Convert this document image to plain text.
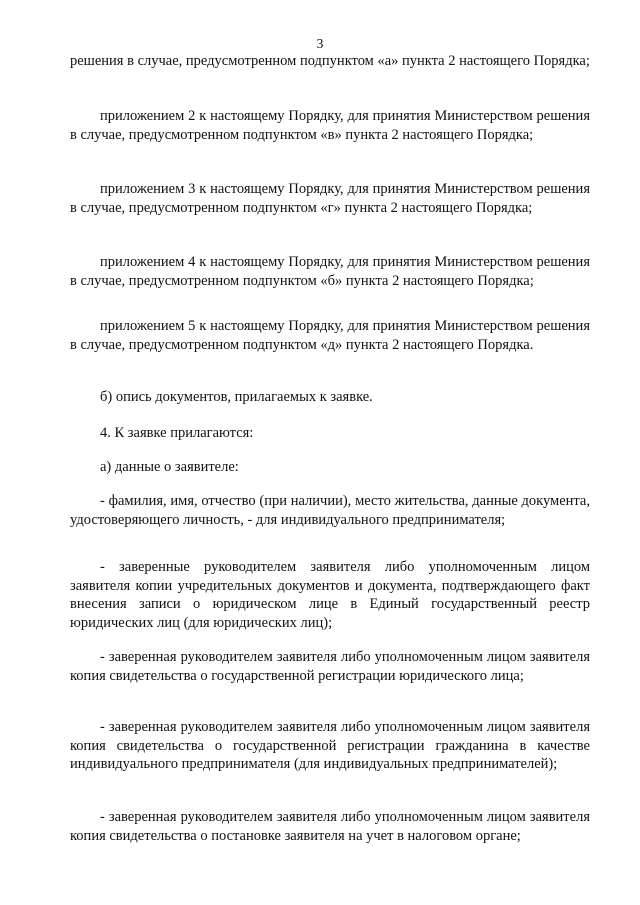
3

решения в случае, предусмотренном подпунктом «а» пункта 2 настоящего Порядка;

приложением 2 к настоящему Порядку, для принятия Министерством решения в случае, предусмотренном подпунктом «в» пункта 2 настоящего Порядка;

приложением 3 к настоящему Порядку, для принятия Министерством решения в случае, предусмотренном подпунктом «г» пункта 2 настоящего Порядка;

приложением 4 к настоящему Порядку, для принятия Министерством решения в случае, предусмотренном подпунктом «б» пункта 2 настоящего Порядка;

приложением 5 к настоящему Порядку, для принятия Министерством решения в случае, предусмотренном подпунктом «д» пункта 2 настоящего Порядка.

б) опись документов, прилагаемых к заявке.

4. К заявке прилагаются:

а) данные о заявителе:

- фамилия, имя, отчество (при наличии), место жительства, данные документа, удостоверяющего личность, - для индивидуального предпринимателя;

- заверенные руководителем заявителя либо уполномоченным лицом заявителя копии учредительных документов и документа, подтверждающего факт внесения записи о юридическом лице в Единый государственный реестр юридических лиц (для юридических лиц);

- заверенная руководителем заявителя либо уполномоченным лицом заявителя копия свидетельства о государственной регистрации юридического лица;

- заверенная руководителем заявителя либо уполномоченным лицом заявителя копия свидетельства о государственной регистрации гражданина в качестве индивидуального предпринимателя (для индивидуальных предпринимателей);

- заверенная руководителем заявителя либо уполномоченным лицом заявителя копия свидетельства о постановке заявителя на учет в налоговом органе;
